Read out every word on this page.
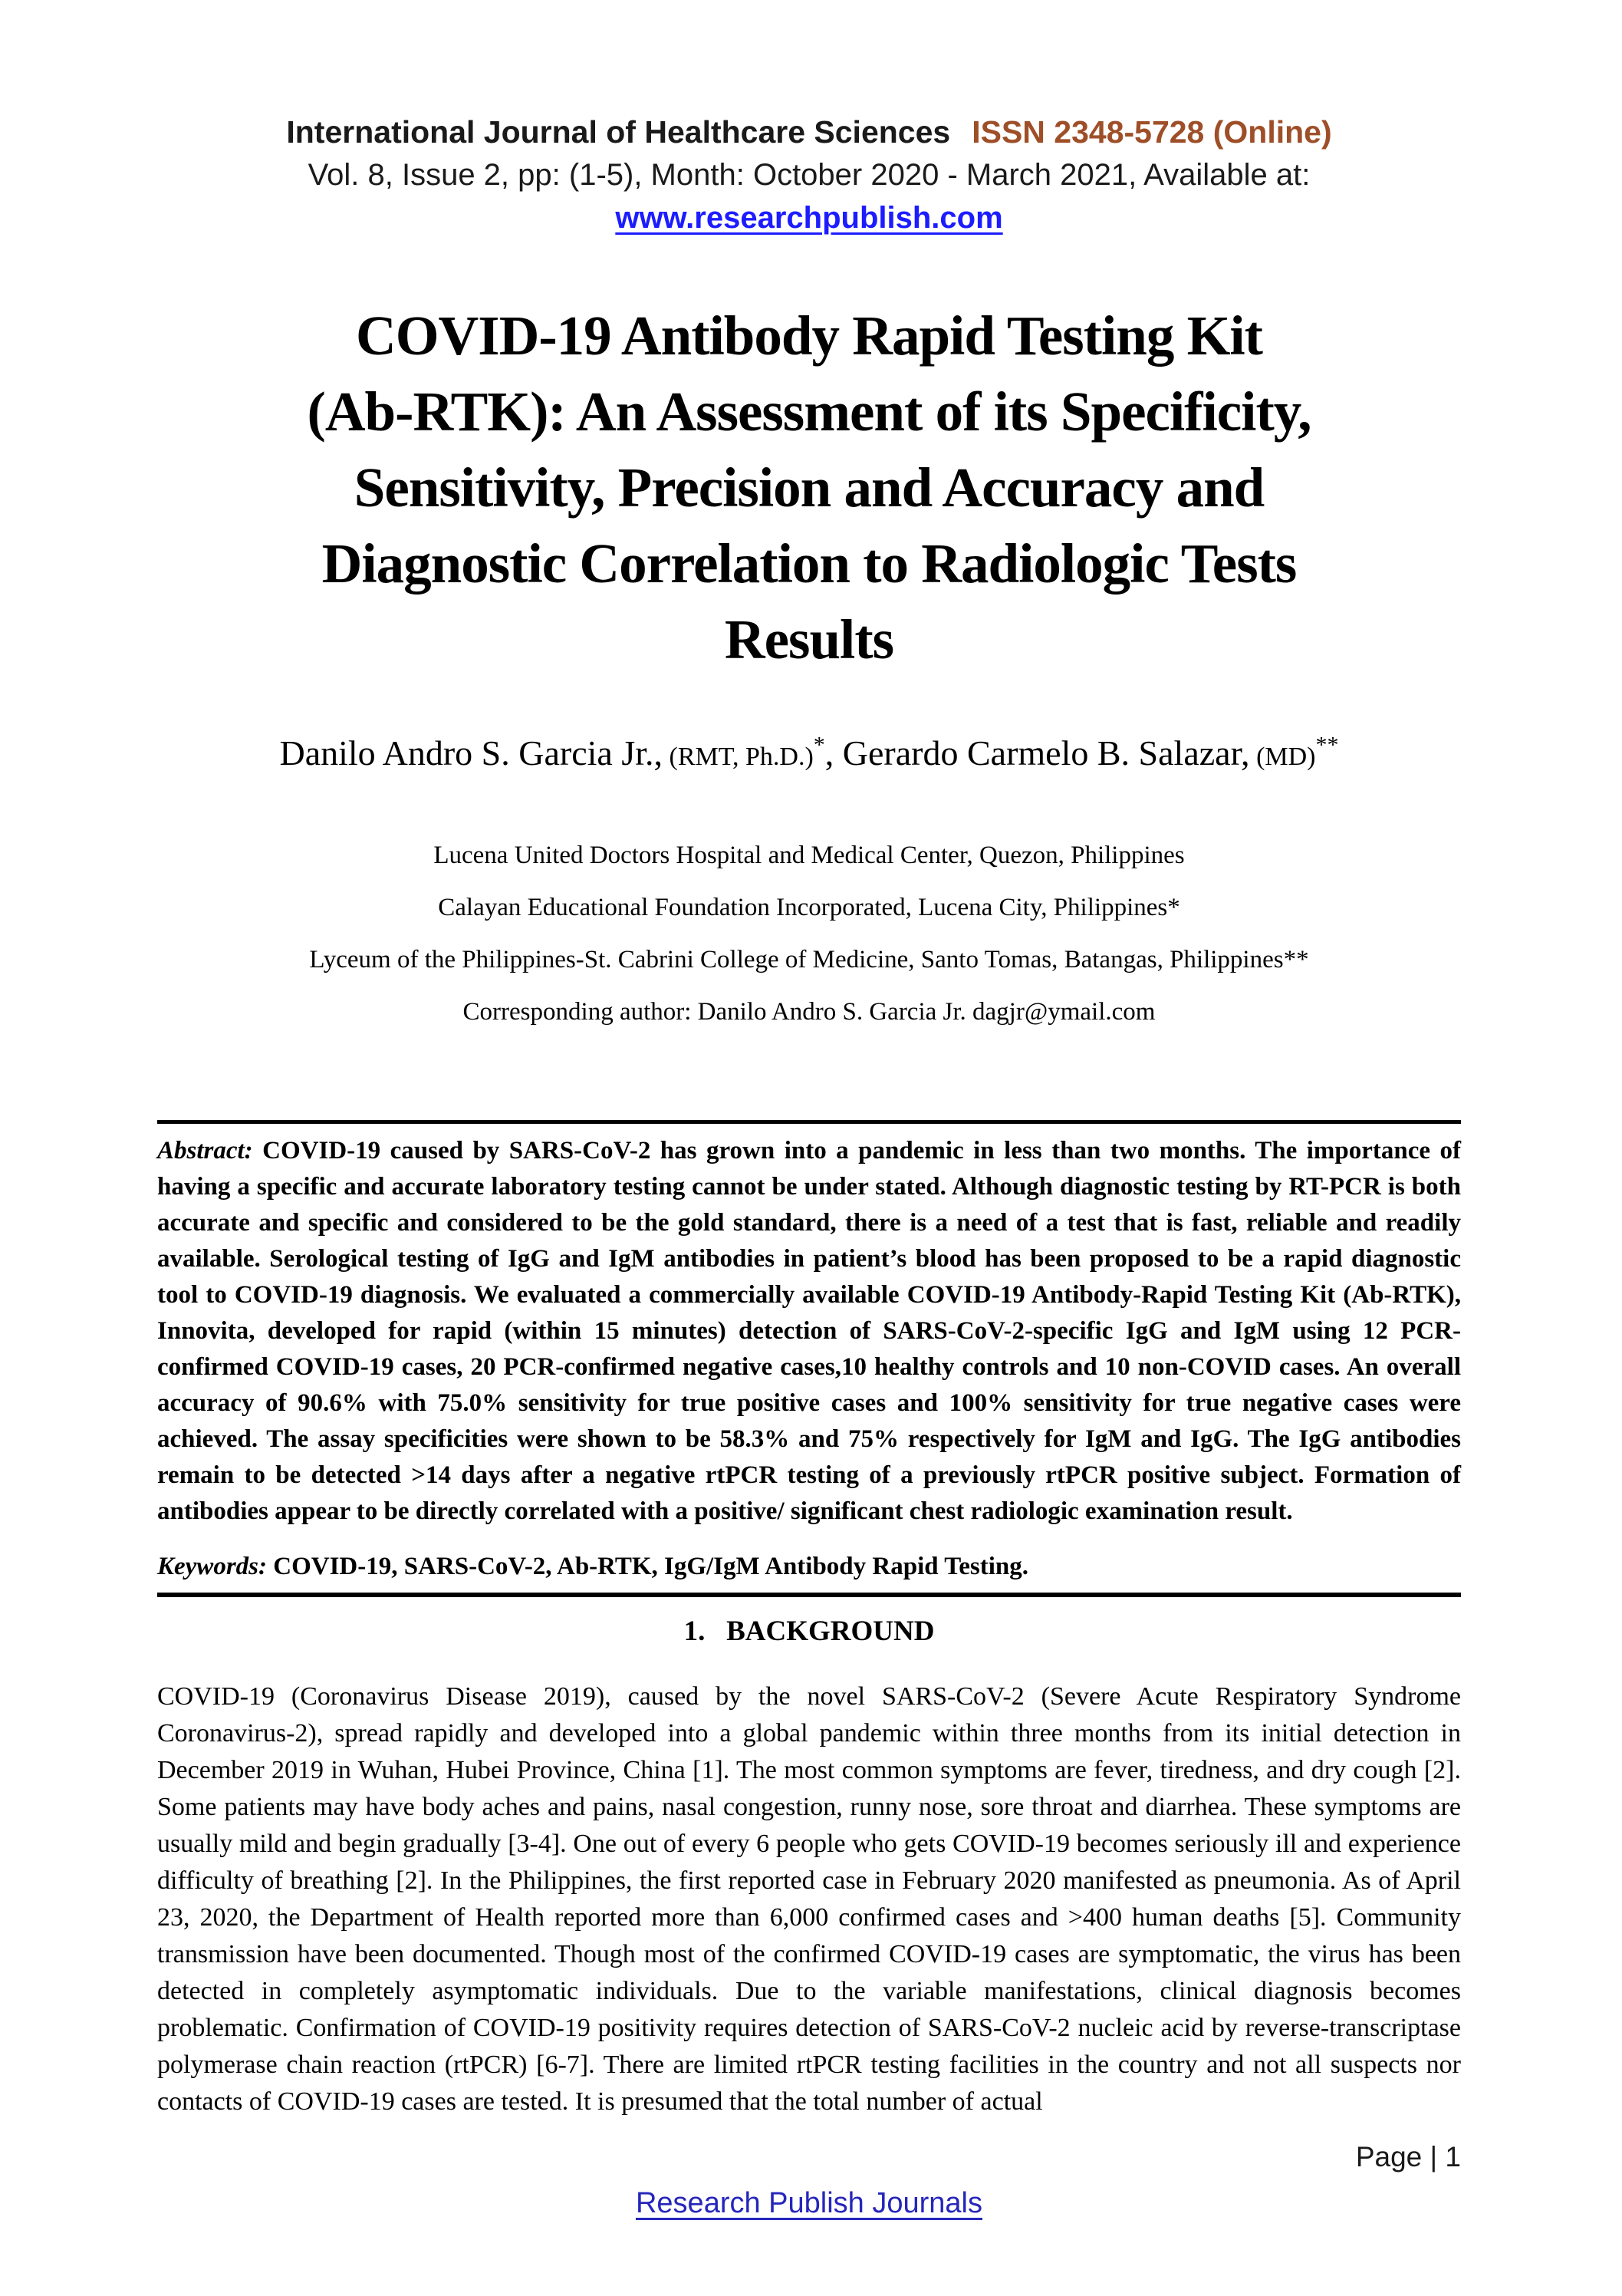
International Journal of Healthcare Sciences ISSN 2348-5728 (Online)
Vol. 8, Issue 2, pp: (1-5), Month: October 2020 - March 2021, Available at: www.researchpublish.com
COVID-19 Antibody Rapid Testing Kit
(Ab-RTK): An Assessment of its Specificity,
Sensitivity, Precision and Accuracy and
Diagnostic Correlation to Radiologic Tests
Results
Danilo Andro S. Garcia Jr., (RMT, Ph.D.)*, Gerardo Carmelo B. Salazar, (MD)**
Lucena United Doctors Hospital and Medical Center, Quezon, Philippines
Calayan Educational Foundation Incorporated, Lucena City, Philippines*
Lyceum of the Philippines-St. Cabrini College of Medicine, Santo Tomas, Batangas, Philippines**
Corresponding author: Danilo Andro S. Garcia Jr. dagjr@ymail.com

Abstract: COVID-19 caused by SARS-CoV-2 has grown into a pandemic in less than two months. The importance of having a specific and accurate laboratory testing cannot be under stated. Although diagnostic testing by RT-PCR is both accurate and specific and considered to be the gold standard, there is a need of a test that is fast, reliable and readily available. Serological testing of IgG and IgM antibodies in patient’s blood has been proposed to be a rapid diagnostic tool to COVID-19 diagnosis. We evaluated a commercially available COVID-19 Antibody-Rapid Testing Kit (Ab-RTK), Innovita, developed for rapid (within 15 minutes) detection of SARS-CoV-2-specific IgG and IgM using 12 PCR-confirmed COVID-19 cases, 20 PCR-confirmed negative cases,10 healthy controls and 10 non-COVID cases. An overall accuracy of 90.6% with 75.0% sensitivity for true positive cases and 100% sensitivity for true negative cases were achieved. The assay specificities were shown to be 58.3% and 75% respectively for IgM and IgG. The IgG antibodies remain to be detected >14 days after a negative rtPCR testing of a previously rtPCR positive subject. Formation of antibodies appear to be directly correlated with a positive/ significant chest radiologic examination result.

Keywords: COVID-19, SARS-CoV-2, Ab-RTK, IgG/IgM Antibody Rapid Testing.

1.   BACKGROUND

COVID-19 (Coronavirus Disease 2019), caused by the novel SARS-CoV-2 (Severe Acute Respiratory Syndrome Coronavirus-2), spread rapidly and developed into a global pandemic within three months from its initial detection in December 2019 in Wuhan, Hubei Province, China [1]. The most common symptoms are fever, tiredness, and dry cough [2]. Some patients may have body aches and pains, nasal congestion, runny nose, sore throat and diarrhea. These symptoms are usually mild and begin gradually [3-4]. One out of every 6 people who gets COVID-19 becomes seriously ill and experience difficulty of breathing [2]. In the Philippines, the first reported case in February 2020 manifested as pneumonia. As of April 23, 2020, the Department of Health reported more than 6,000 confirmed cases and >400 human deaths [5]. Community transmission have been documented. Though most of the confirmed COVID-19 cases are symptomatic, the virus has been detected in completely asymptomatic individuals. Due to the variable manifestations, clinical diagnosis becomes problematic. Confirmation of COVID-19 positivity requires detection of SARS-CoV-2 nucleic acid by reverse-transcriptase polymerase chain reaction (rtPCR) [6-7]. There are limited rtPCR testing facilities in the country and not all suspects nor contacts of COVID-19 cases are tested. It is presumed that the total number of actual

Page | 1
Research Publish Journals
